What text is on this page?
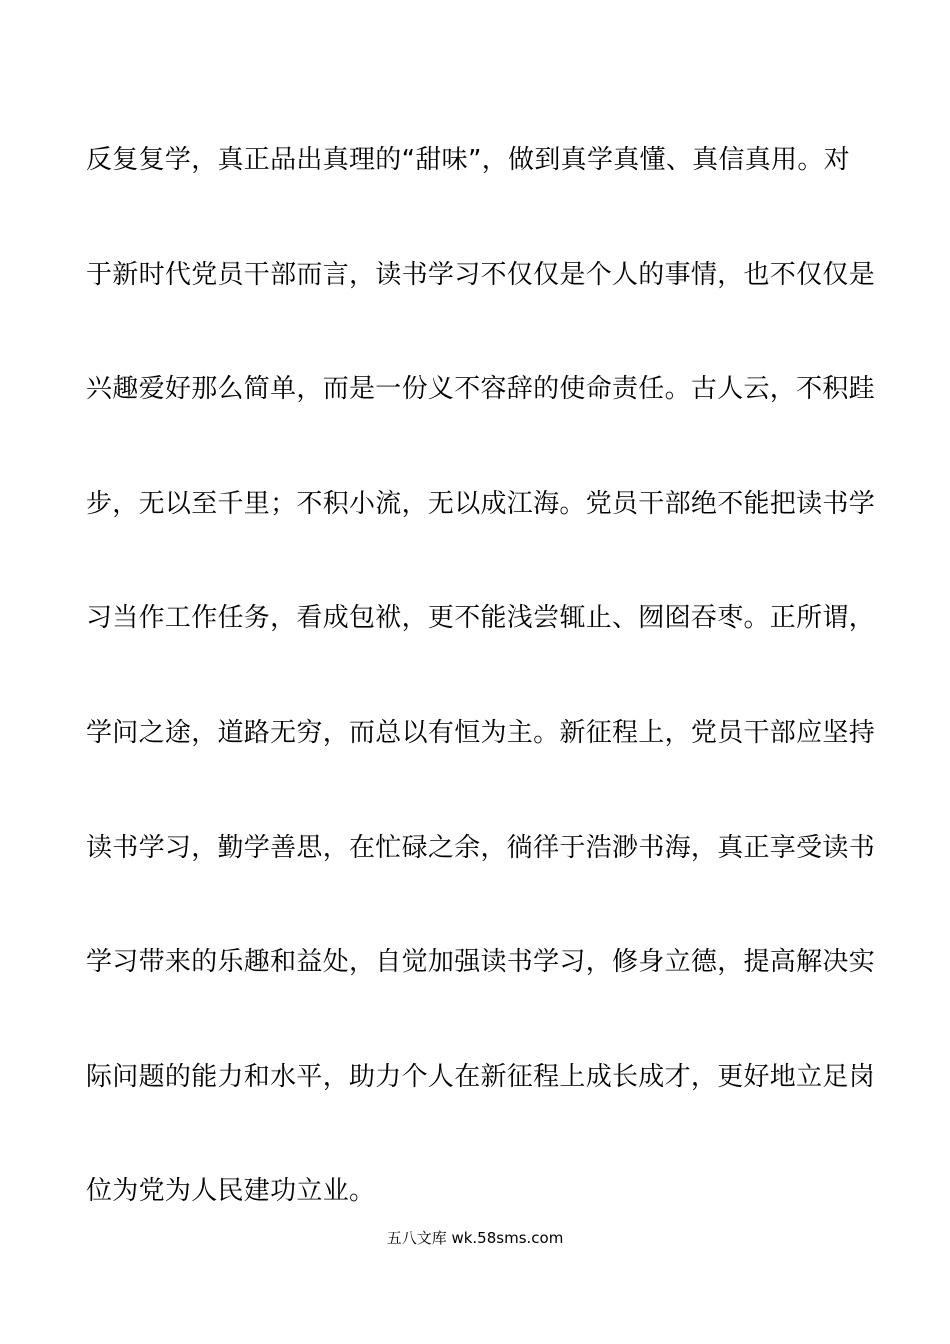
反复复学，真正品出真理的“甜味”，做到真学真懂、真信真用。对
于新时代党员干部而言，读书学习不仅仅是个人的事情，也不仅仅是
兴趣爱好那么简单，而是一份义不容辞的使命责任。古人云，不积跬
步，无以至千里；不积小流，无以成江海。党员干部绝不能把读书学
习当作工作任务，看成包袱，更不能浅尝辄止、囫囵吞枣。正所谓，
学问之途，道路无穷，而总以有恒为主。新征程上，党员干部应坚持
读书学习，勤学善思，在忙碌之余，徜徉于浩渺书海，真正享受读书
学习带来的乐趣和益处，自觉加强读书学习，修身立德，提高解决实
际问题的能力和水平，助力个人在新征程上成长成才，更好地立足岗
位为党为人民建功立业。
五八文库 wk.58sms.com
